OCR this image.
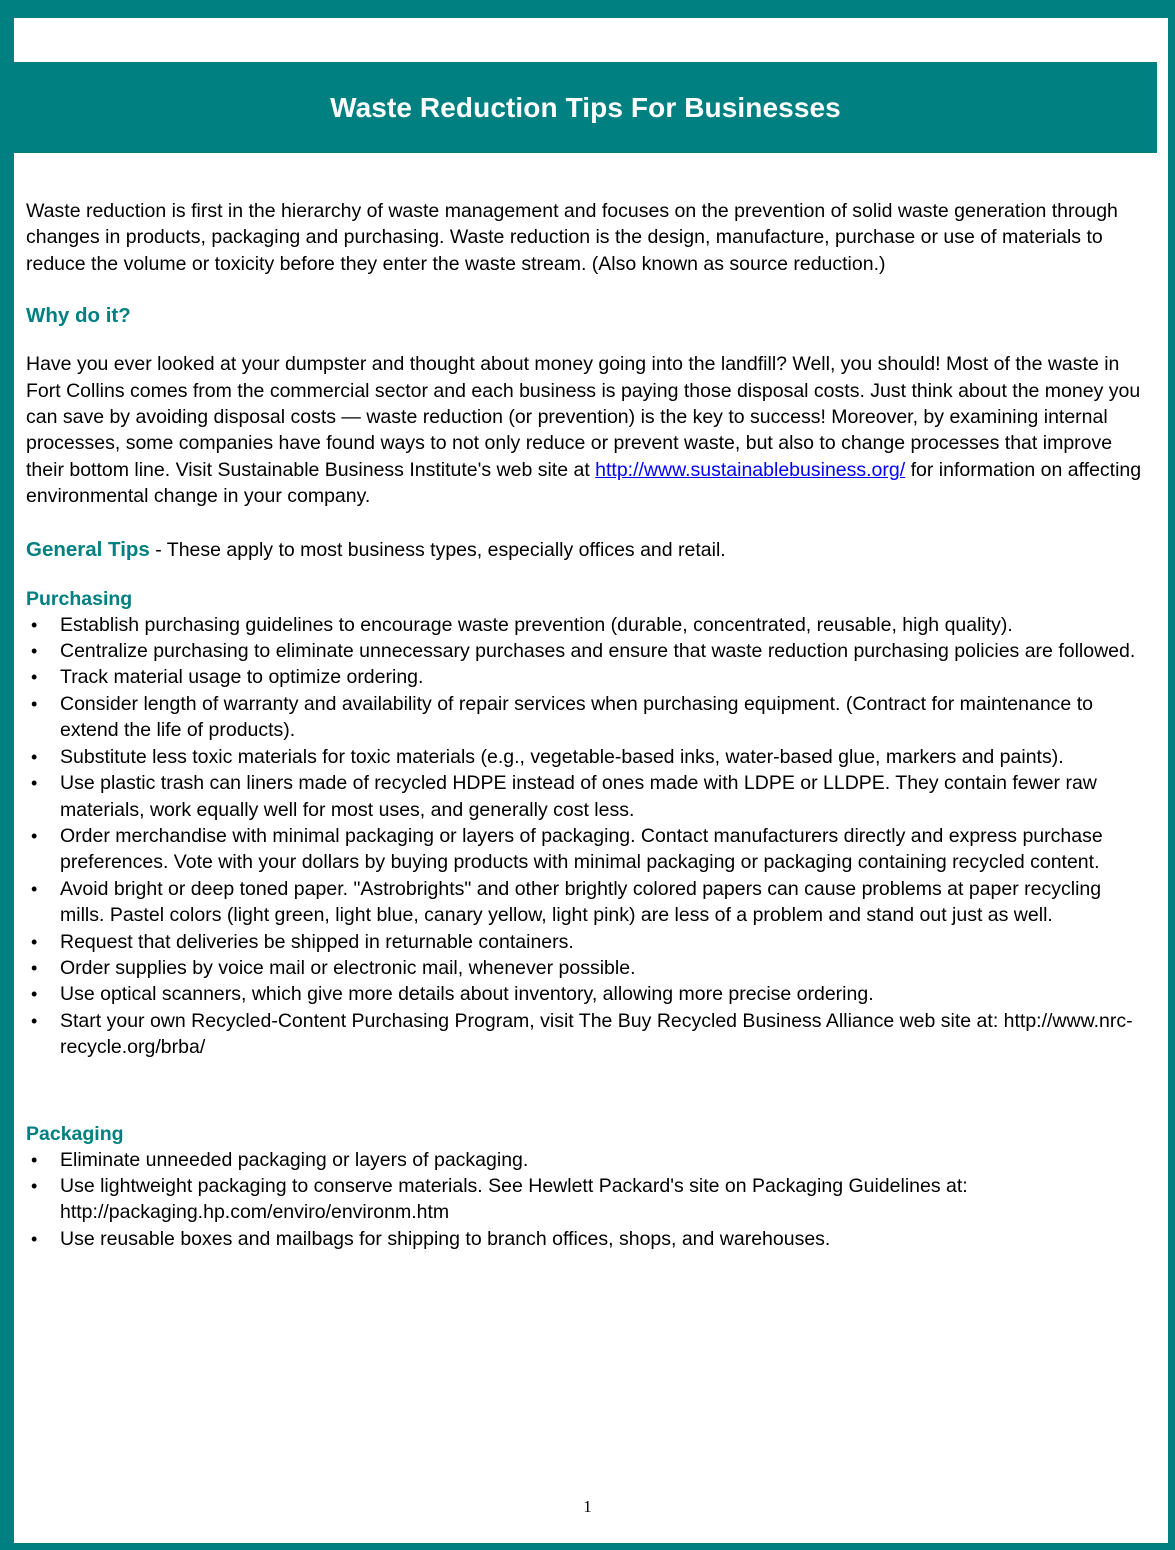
Waste Reduction Tips For Businesses

Waste reduction is first in the hierarchy of waste management and focuses on the prevention of solid waste generation through changes in products, packaging and purchasing. Waste reduction is the design, manufacture, purchase or use of materials to reduce the volume or toxicity before they enter the waste stream. (Also known as source reduction.)

Why do it?

Have you ever looked at your dumpster and thought about money going into the landfill? Well, you should! Most of the waste in Fort Collins comes from the commercial sector and each business is paying those disposal costs. Just think about the money you can save by avoiding disposal costs — waste reduction (or prevention) is the key to success! Moreover, by examining internal processes, some companies have found ways to not only reduce or prevent waste, but also to change processes that improve their bottom line. Visit Sustainable Business Institute's web site at http://www.sustainablebusiness.org/ for information on affecting environmental change in your company.

General Tips - These apply to most business types, especially offices and retail.

Purchasing
• Establish purchasing guidelines to encourage waste prevention (durable, concentrated, reusable, high quality).
• Centralize purchasing to eliminate unnecessary purchases and ensure that waste reduction purchasing policies are followed.
• Track material usage to optimize ordering.
• Consider length of warranty and availability of repair services when purchasing equipment. (Contract for maintenance to extend the life of products).
• Substitute less toxic materials for toxic materials (e.g., vegetable-based inks, water-based glue, markers and paints).
• Use plastic trash can liners made of recycled HDPE instead of ones made with LDPE or LLDPE. They contain fewer raw materials, work equally well for most uses, and generally cost less.
• Order merchandise with minimal packaging or layers of packaging. Contact manufacturers directly and express purchase preferences. Vote with your dollars by buying products with minimal packaging or packaging containing recycled content.
• Avoid bright or deep toned paper. "Astrobrights" and other brightly colored papers can cause problems at paper recycling mills. Pastel colors (light green, light blue, canary yellow, light pink) are less of a problem and stand out just as well.
• Request that deliveries be shipped in returnable containers.
• Order supplies by voice mail or electronic mail, whenever possible.
• Use optical scanners, which give more details about inventory, allowing more precise ordering.
• Start your own Recycled-Content Purchasing Program, visit The Buy Recycled Business Alliance web site at: http://www.nrc-recycle.org/brba/
Packaging
• Eliminate unneeded packaging or layers of packaging.
• Use lightweight packaging to conserve materials. See Hewlett Packard's site on Packaging Guidelines at: http://packaging.hp.com/enviro/environm.htm
• Use reusable boxes and mailbags for shipping to branch offices, shops, and warehouses.
1
